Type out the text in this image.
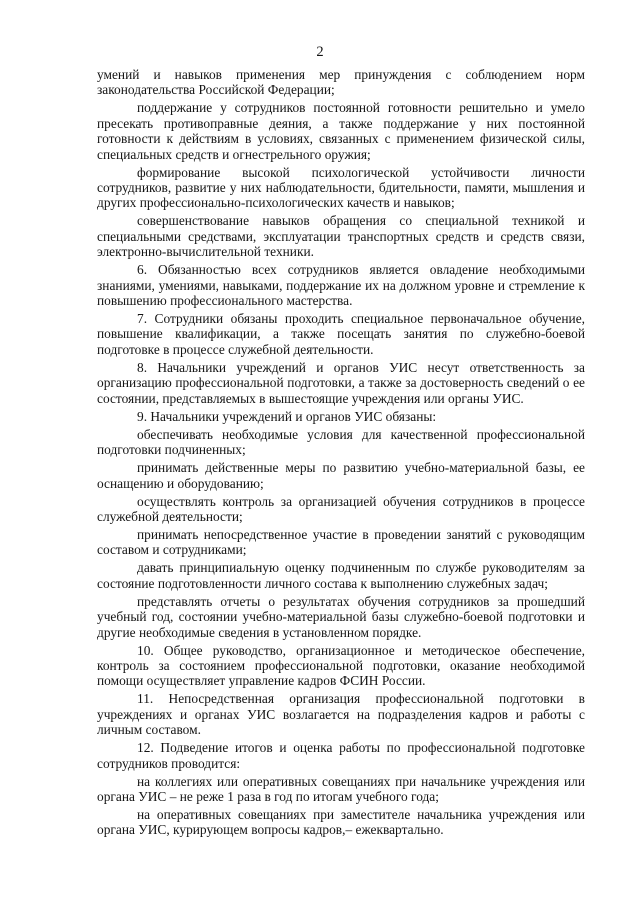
2

умений и навыков применения мер принуждения с соблюдением норм законодательства Российской Федерации;

поддержание у сотрудников постоянной готовности решительно и умело пресекать противоправные деяния, а также поддержание у них постоянной готовности к действиям в условиях, связанных с применением физической силы, специальных средств и огнестрельного оружия;

формирование высокой психологической устойчивости личности сотрудников, развитие у них наблюдательности, бдительности, памяти, мышления и других профессионально-психологических качеств и навыков;

совершенствование навыков обращения со специальной техникой и специальными средствами, эксплуатации транспортных средств и средств связи, электронно-вычислительной техники.

6. Обязанностью всех сотрудников является овладение необходимыми знаниями, умениями, навыками, поддержание их на должном уровне и стремление к повышению профессионального мастерства.

7. Сотрудники обязаны проходить специальное первоначальное обучение, повышение квалификации, а также посещать занятия по служебно-боевой подготовке в процессе служебной деятельности.

8. Начальники учреждений и органов УИС несут ответственность за организацию профессиональной подготовки, а также за достоверность сведений о ее состоянии, представляемых в вышестоящие учреждения или органы УИС.

9. Начальники учреждений и органов УИС обязаны:

обеспечивать необходимые условия для качественной профессиональной подготовки подчиненных;

принимать действенные меры по развитию учебно-материальной базы, ее оснащению и оборудованию;

осуществлять контроль за организацией обучения сотрудников в процессе служебной деятельности;

принимать непосредственное участие в проведении занятий с руководящим составом и сотрудниками;

давать принципиальную оценку подчиненным по службе руководителям за состояние подготовленности личного состава к выполнению служебных задач;

представлять отчеты о результатах обучения сотрудников за прошедший учебный год, состоянии учебно-материальной базы служебно-боевой подготовки и другие необходимые сведения в установленном порядке.

10. Общее руководство, организационное и методическое обеспечение, контроль за состоянием профессиональной подготовки, оказание необходимой помощи осуществляет управление кадров ФСИН России.

11. Непосредственная организация профессиональной подготовки в учреждениях и органах УИС возлагается на подразделения кадров и работы с личным составом.

12. Подведение итогов и оценка работы по профессиональной подготовке сотрудников проводится:

на коллегиях или оперативных совещаниях при начальнике учреждения или органа УИС – не реже 1 раза в год по итогам учебного года;

на оперативных совещаниях при заместителе начальника учреждения или органа УИС, курирующем вопросы кадров,– ежеквартально.
